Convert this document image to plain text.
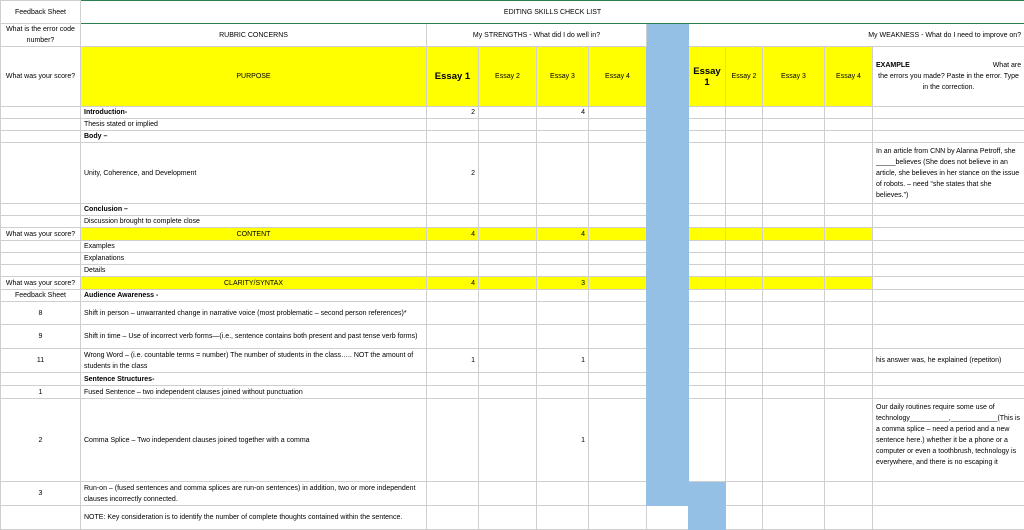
Feedback Sheet	EDITING SKILLS CHECK LIST											
What is the error code number?	RUBRIC CONCERNS	My STRENGTHS - What did I do well in?					My WEAKNESS - What do I need to improve on?					
What was your score?	PURPOSE	Essay 1	Essay 2	Essay 3	Essay 4		Essay 1	Essay 2	Essay 3	Essay 4	EXAMPLE What are
the errors you made? Paste in the error. Type in the correction.	

	Introduction-	2		4								
	Thesis stated or implied											
	Body –											
	Unity, Coherence, and Development	2									In an article from CNN by Alanna Petroff, she _____believes (She does not believe in an article, she believes in her stance on the issue of robots. – need “she states that she believes.”)	
	Conclusion –											
	Discussion brought to complete close											
What was your score?	CONTENT	4		4								
	Examples											
	Explanations											
	Details											
What was your score?	CLARITY/SYNTAX	4		3								
Feedback Sheet	Audience Awareness -											
8	Shift in person – unwarranted change in narrative voice (most problematic – second person references)*											
9	Shift in time – Use of incorrect verb forms—(i.e., sentence contains both present and past tense verb forms)											
11	Wrong Word – (i.e. countable terms = number) The number of students in the class….. NOT the amount of students in the class	1		1							his answer was, he explained (repetiton)	
	Sentence Structures-											
1	Fused Sentence – two independent clauses joined without punctuation											
2	Comma Splice – Two independent clauses joined together with a comma			1							Our daily routines require some use of technology__________,____________(This is a comma splice – need a period and a new sentence here.) whether it be a phone or a computer or even a toothbrush, technology is everywhere, and there is no escaping it	
3	Run-on – (fused sentences and comma splices are run-on sentences) in addition, two or more independent clauses incorrectly connected.											
	NOTE: Key consideration is to identify the number of complete thoughts contained within the sentence.											
